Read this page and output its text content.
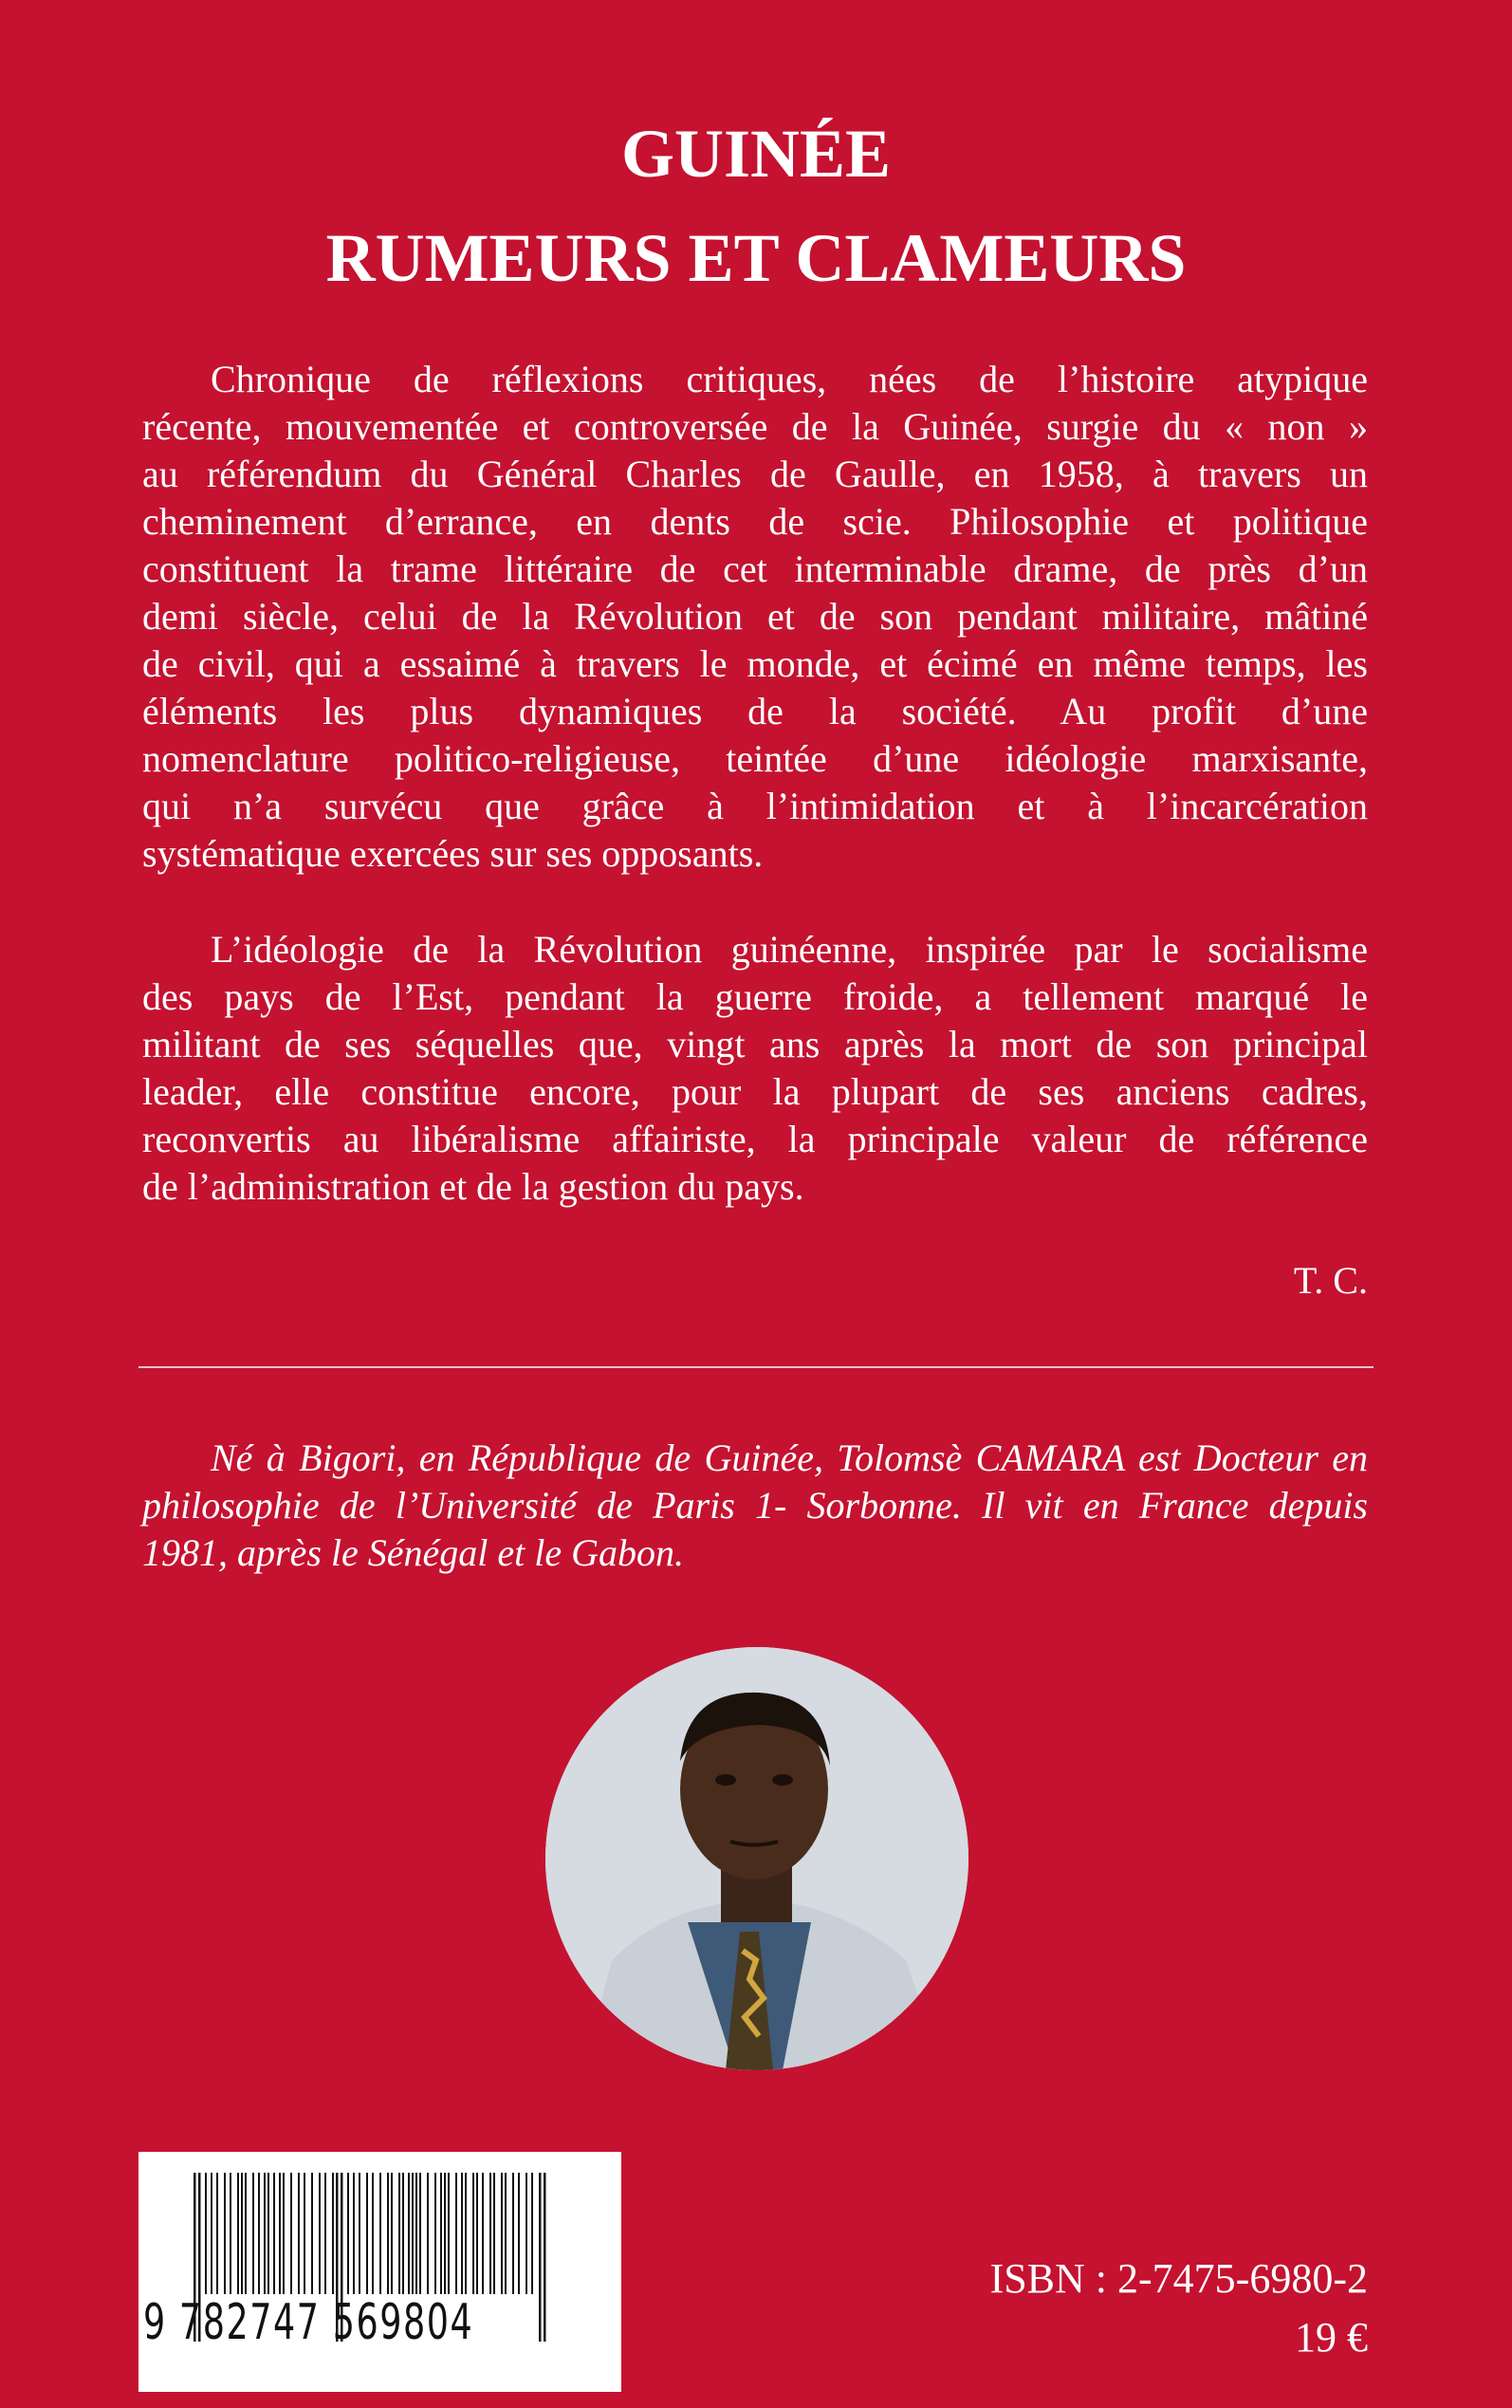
GUINÉE
RUMEURS ET CLAMEURS
Chronique de réflexions critiques, nées de l’histoire atypique
récente, mouvementée et controversée de la Guinée, surgie du « non »
au référendum du Général Charles de Gaulle, en 1958, à travers un
cheminement d’errance, en dents de scie. Philosophie et politique
constituent la trame littéraire de cet interminable drame, de près d’un
demi siècle, celui de la Révolution et de son pendant militaire, mâtiné
de civil, qui a essaimé à travers le monde, et écimé en même temps, les
éléments les plus dynamiques de la société. Au profit d’une
nomenclature politico-religieuse, teintée d’une idéologie marxisante,
qui n’a survécu que grâce à l’intimidation et à l’incarcération
systématique exercées sur ses opposants.
L’idéologie de la Révolution guinéenne, inspirée par le socialisme
des pays de l’Est, pendant la guerre froide, a tellement marqué le
militant de ses séquelles que, vingt ans après la mort de son principal
leader, elle constitue encore, pour la plupart de ses anciens cadres,
reconvertis au libéralisme affairiste, la principale valeur de référence
de l’administration et de la gestion du pays.
T. C.
Né à Bigori, en République de Guinée, Tolomsè CAMARA est Docteur en
philosophie de l’Université de Paris 1- Sorbonne. Il vit en France depuis
1981, après le Sénégal et le Gabon.
9 782747 569804
ISBN : 2-7475-6980-2
19 €
